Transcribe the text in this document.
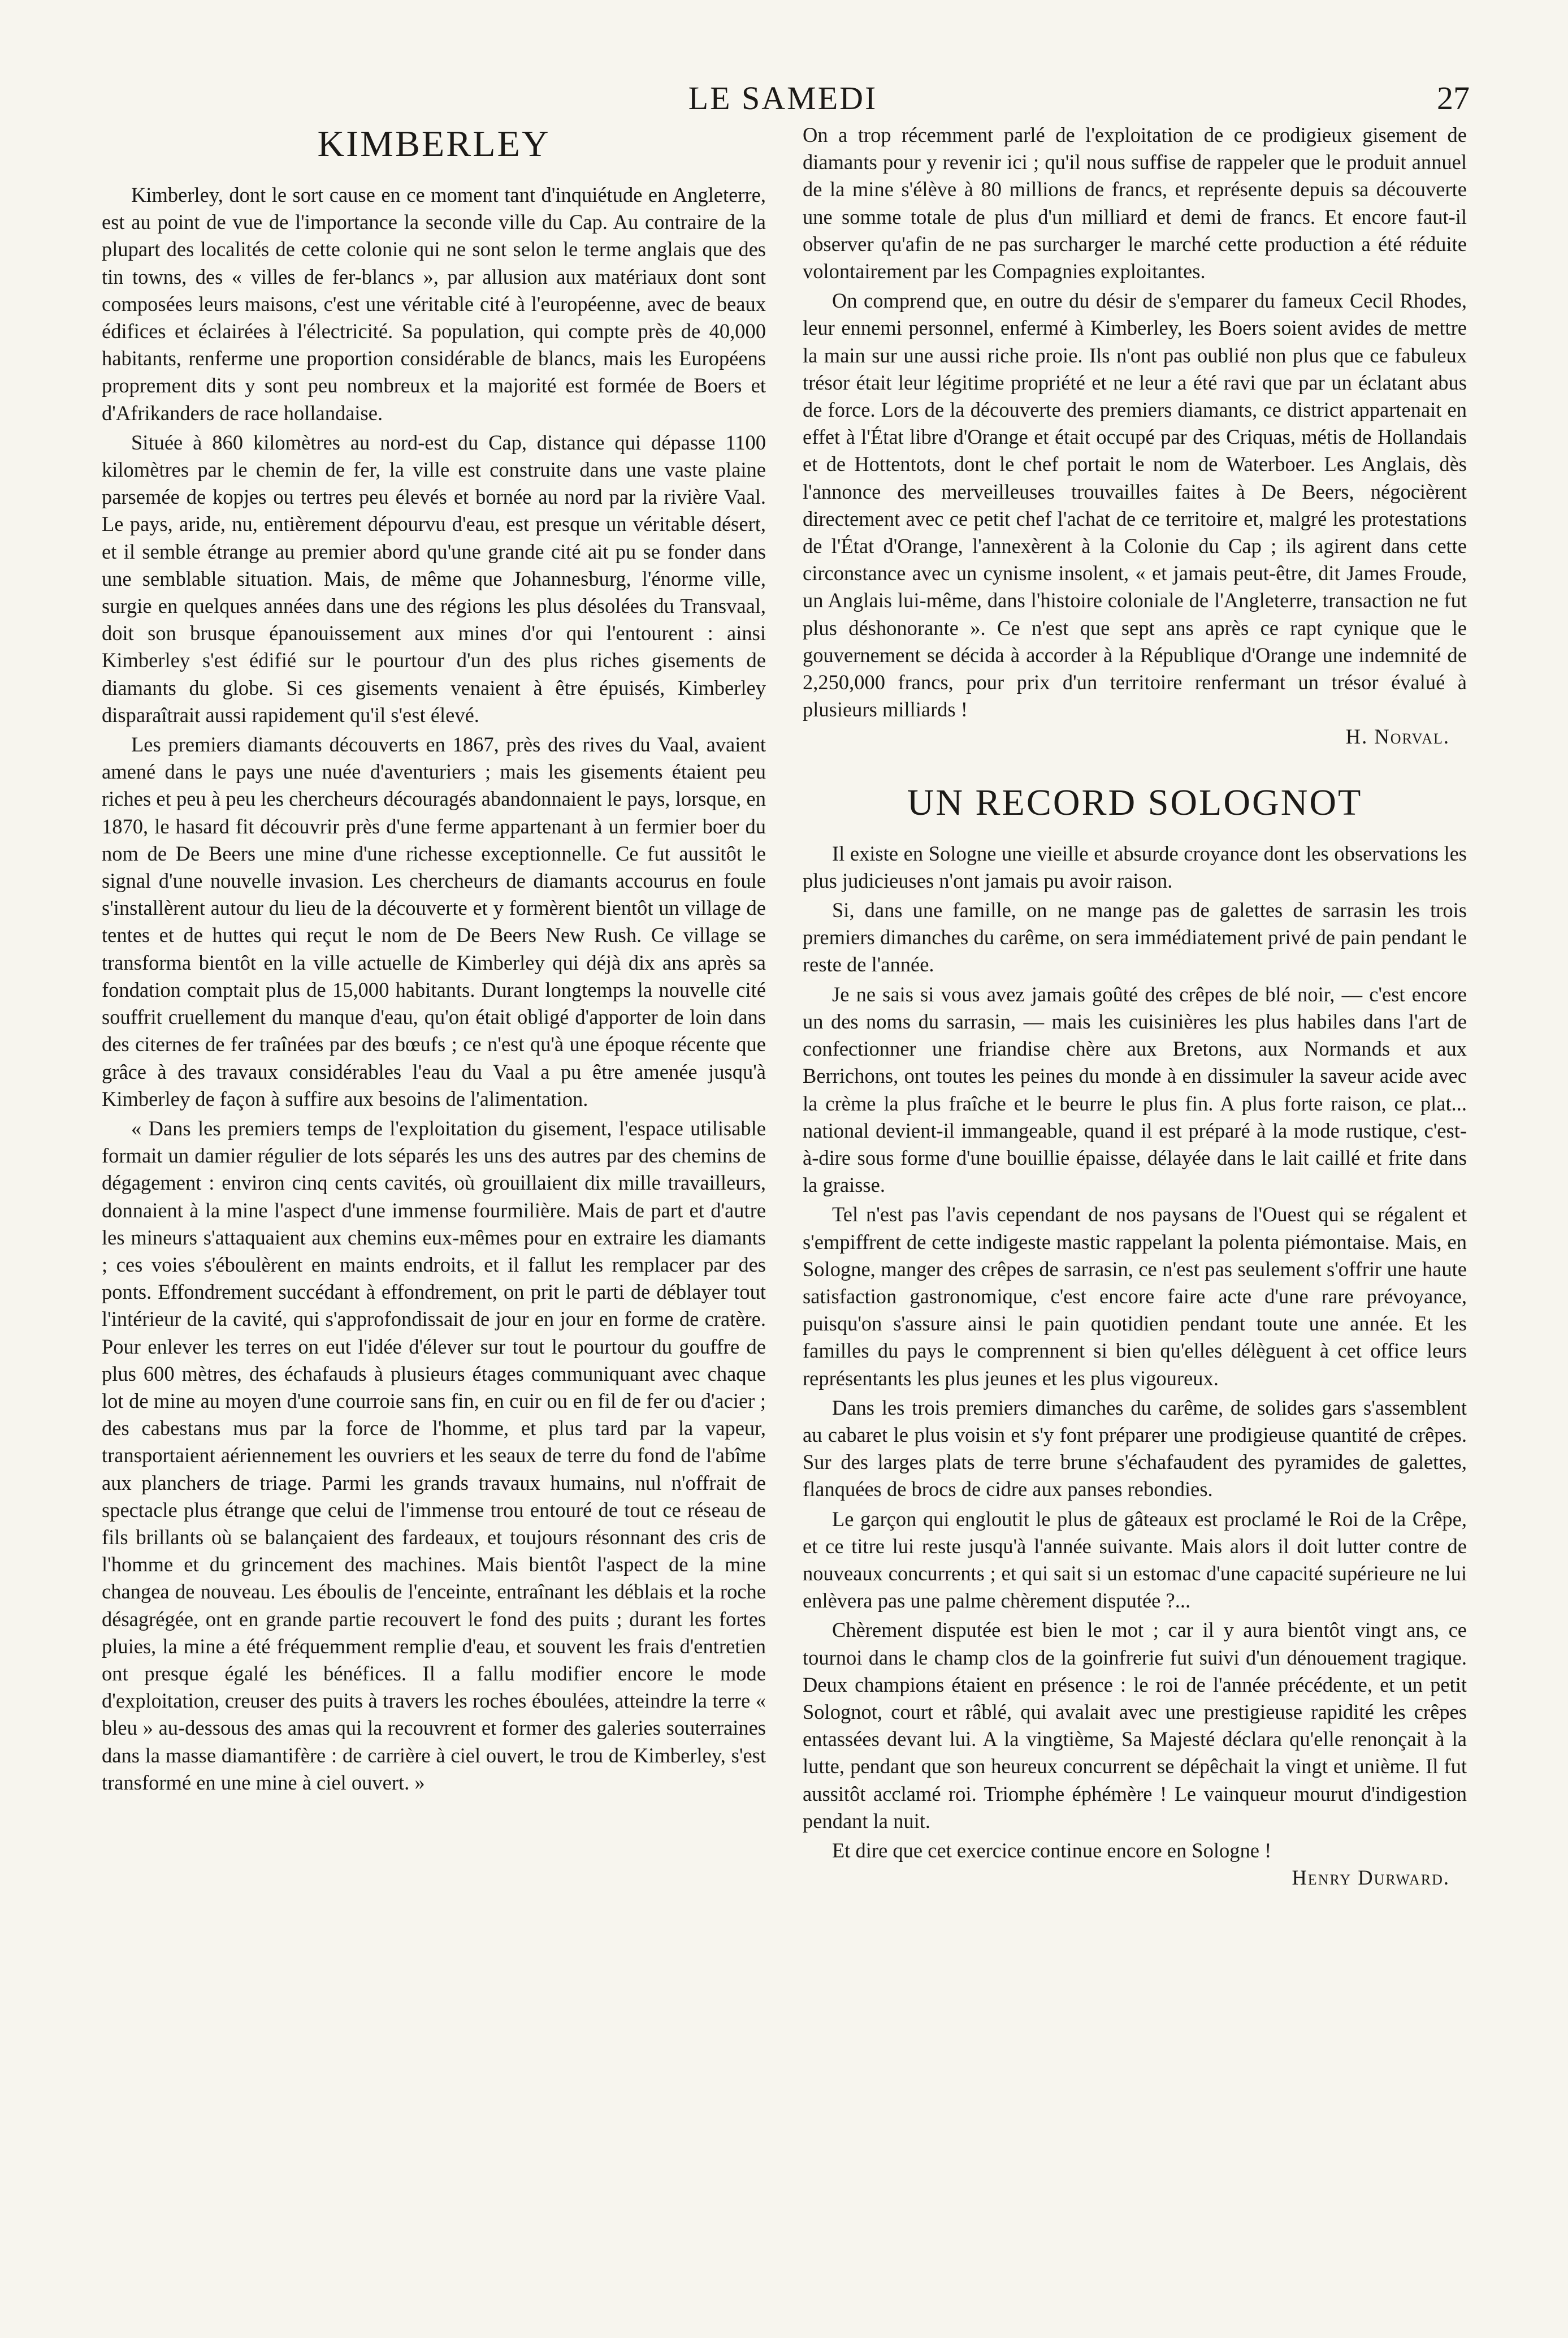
LE SAMEDI	27
KIMBERLEY

Kimberley, dont le sort cause en ce moment tant d'inquiétude en Angleterre, est au point de vue de l'importance la seconde ville du Cap. Au contraire de la plupart des localités de cette colonie qui ne sont selon le terme anglais que des tin towns, des « villes de fer-blancs », par allusion aux matériaux dont sont composées leurs maisons, c'est une véritable cité à l'européenne, avec de beaux édifices et éclairées à l'électricité. Sa population, qui compte près de 40,000 habitants, renferme une proportion considérable de blancs, mais les Européens proprement dits y sont peu nombreux et la majorité est formée de Boers et d'Afrikanders de race hollandaise.

Située à 860 kilomètres au nord-est du Cap, distance qui dépasse 1100 kilomètres par le chemin de fer, la ville est construite dans une vaste plaine parsemée de kopjes ou tertres peu élevés et bornée au nord par la rivière Vaal. Le pays, aride, nu, entièrement dépourvu d'eau, est presque un véritable désert, et il semble étrange au premier abord qu'une grande cité ait pu se fonder dans une semblable situation. Mais, de même que Johannesburg, l'énorme ville, surgie en quelques années dans une des régions les plus désolées du Transvaal, doit son brusque épanouissement aux mines d'or qui l'entourent : ainsi Kimberley s'est édifié sur le pourtour d'un des plus riches gisements de diamants du globe. Si ces gisements venaient à être épuisés, Kimberley disparaîtrait aussi rapidement qu'il s'est élevé.

Les premiers diamants découverts en 1867, près des rives du Vaal, avaient amené dans le pays une nuée d'aventuriers ; mais les gisements étaient peu riches et peu à peu les chercheurs découragés abandonnaient le pays, lorsque, en 1870, le hasard fit découvrir près d'une ferme appartenant à un fermier boer du nom de De Beers une mine d'une richesse exceptionnelle. Ce fut aussitôt le signal d'une nouvelle invasion. Les chercheurs de diamants accourus en foule s'installèrent autour du lieu de la découverte et y formèrent bientôt un village de tentes et de huttes qui reçut le nom de De Beers New Rush. Ce village se transforma bientôt en la ville actuelle de Kimberley qui déjà dix ans après sa fondation comptait plus de 15,000 habitants. Durant longtemps la nouvelle cité souffrit cruellement du manque d'eau, qu'on était obligé d'apporter de loin dans des citernes de fer traînées par des bœufs ; ce n'est qu'à une époque récente que grâce à des travaux considérables l'eau du Vaal a pu être amenée jusqu'à Kimberley de façon à suffire aux besoins de l'alimentation.

« Dans les premiers temps de l'exploitation du gisement, l'espace utilisable formait un damier régulier de lots séparés les uns des autres par des chemins de dégagement : environ cinq cents cavités, où grouillaient dix mille travailleurs, donnaient à la mine l'aspect d'une immense fourmilière. Mais de part et d'autre les mineurs s'attaquaient aux chemins eux-mêmes pour en extraire les diamants ; ces voies s'éboulèrent en maints endroits, et il fallut les remplacer par des ponts. Effondrement succédant à effondrement, on prit le parti de déblayer tout l'intérieur de la cavité, qui s'approfondissait de jour en jour en forme de cratère. Pour enlever les terres on eut l'idée d'élever sur tout le pourtour du gouffre de plus 600 mètres, des échafauds à plusieurs étages communiquant avec chaque lot de mine au moyen d'une courroie sans fin, en cuir ou en fil de fer ou d'acier ; des cabestans mus par la force de l'homme, et plus tard par la vapeur, transportaient aériennement les ouvriers et les seaux de terre du fond de l'abîme aux planchers de triage. Parmi les grands travaux humains, nul n'offrait de spectacle plus étrange que celui de l'immense trou entouré de tout ce réseau de fils brillants où se balançaient des fardeaux, et toujours résonnant des cris de l'homme et du grincement des machines. Mais bientôt l'aspect de la mine changea de nouveau. Les éboulis de l'enceinte, entraînant les déblais et la roche désagrégée, ont en grande partie recouvert le fond des puits ; durant les fortes pluies, la mine a été fréquemment remplie d'eau, et souvent les frais d'entretien ont presque égalé les bénéfices. Il a fallu modifier encore le mode d'exploitation, creuser des puits à travers les roches éboulées, atteindre la terre « bleu » au-dessous des amas qui la recouvrent et former des galeries souterraines dans la masse diamantifère : de carrière à ciel ouvert, le trou de Kimberley, s'est transformé en une mine à ciel ouvert. »

On a trop récemment parlé de l'exploitation de ce prodigieux gisement de diamants pour y revenir ici ; qu'il nous suffise de rappeler que le produit annuel de la mine s'élève à 80 millions de francs, et représente depuis sa découverte une somme totale de plus d'un milliard et demi de francs. Et encore faut-il observer qu'afin de ne pas surcharger le marché cette production a été réduite volontairement par les Compagnies exploitantes.

On comprend que, en outre du désir de s'emparer du fameux Cecil Rhodes, leur ennemi personnel, enfermé à Kimberley, les Boers soient avides de mettre la main sur une aussi riche proie. Ils n'ont pas oublié non plus que ce fabuleux trésor était leur légitime propriété et ne leur a été ravi que par un éclatant abus de force. Lors de la découverte des premiers diamants, ce district appartenait en effet à l'État libre d'Orange et était occupé par des Criquas, métis de Hollandais et de Hottentots, dont le chef portait le nom de Waterboer. Les Anglais, dès l'annonce des merveilleuses trouvailles faites à De Beers, négocièrent directement avec ce petit chef l'achat de ce territoire et, malgré les protestations de l'État d'Orange, l'annexèrent à la Colonie du Cap ; ils agirent dans cette circonstance avec un cynisme insolent, « et jamais peut-être, dit James Froude, un Anglais lui-même, dans l'histoire coloniale de l'Angleterre, transaction ne fut plus déshonorante ». Ce n'est que sept ans après ce rapt cynique que le gouvernement se décida à accorder à la République d'Orange une indemnité de 2,250,000 francs, pour prix d'un territoire renfermant un trésor évalué à plusieurs milliards !

H. Norval.
UN RECORD SOLOGNOT

Il existe en Sologne une vieille et absurde croyance dont les observations les plus judicieuses n'ont jamais pu avoir raison.

Si, dans une famille, on ne mange pas de galettes de sarrasin les trois premiers dimanches du carême, on sera immédiatement privé de pain pendant le reste de l'année.

Je ne sais si vous avez jamais goûté des crêpes de blé noir, — c'est encore un des noms du sarrasin, — mais les cuisinières les plus habiles dans l'art de confectionner une friandise chère aux Bretons, aux Normands et aux Berrichons, ont toutes les peines du monde à en dissimuler la saveur acide avec la crème la plus fraîche et le beurre le plus fin. A plus forte raison, ce plat... national devient-il immangeable, quand il est préparé à la mode rustique, c'est-à-dire sous forme d'une bouillie épaisse, délayée dans le lait caillé et frite dans la graisse.

Tel n'est pas l'avis cependant de nos paysans de l'Ouest qui se régalent et s'empiffrent de cette indigeste mastic rappelant la polenta piémontaise. Mais, en Sologne, manger des crêpes de sarrasin, ce n'est pas seulement s'offrir une haute satisfaction gastronomique, c'est encore faire acte d'une rare prévoyance, puisqu'on s'assure ainsi le pain quotidien pendant toute une année. Et les familles du pays le comprennent si bien qu'elles délèguent à cet office leurs représentants les plus jeunes et les plus vigoureux.

Dans les trois premiers dimanches du carême, de solides gars s'assemblent au cabaret le plus voisin et s'y font préparer une prodigieuse quantité de crêpes. Sur des larges plats de terre brune s'échafaudent des pyramides de galettes, flanquées de brocs de cidre aux panses rebondies.

Le garçon qui engloutit le plus de gâteaux est proclamé le Roi de la Crêpe, et ce titre lui reste jusqu'à l'année suivante. Mais alors il doit lutter contre de nouveaux concurrents ; et qui sait si un estomac d'une capacité supérieure ne lui enlèvera pas une palme chèrement disputée ?...

Chèrement disputée est bien le mot ; car il y aura bientôt vingt ans, ce tournoi dans le champ clos de la goinfrerie fut suivi d'un dénouement tragique. Deux champions étaient en présence : le roi de l'année précédente, et un petit Solognot, court et râblé, qui avalait avec une prestigieuse rapidité les crêpes entassées devant lui. A la vingtième, Sa Majesté déclara qu'elle renonçait à la lutte, pendant que son heureux concurrent se dépêchait la vingt et unième. Il fut aussitôt acclamé roi. Triomphe éphémère ! Le vainqueur mourut d'indigestion pendant la nuit.

Et dire que cet exercice continue encore en Sologne !

Henry Durward.
